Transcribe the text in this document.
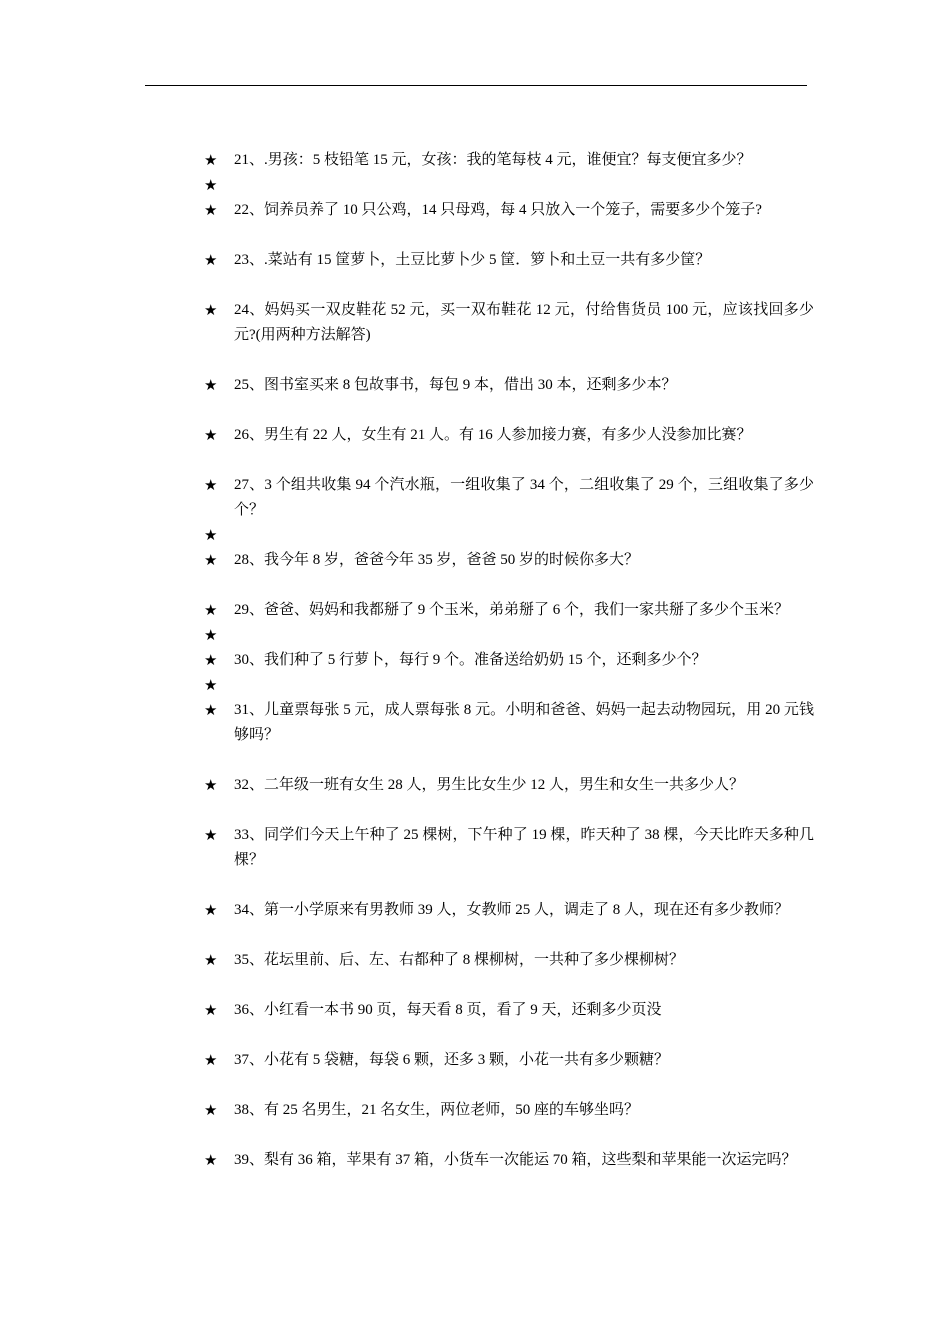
★	21、.男孩：5 枝铅笔 15 元，女孩：我的笔每枝 4 元，谁便宜？每支便宜多少？
★
★	22、饲养员养了 10 只公鸡，14 只母鸡，每 4 只放入一个笼子，需要多少个笼子?
★	23、.菜站有 15 筐萝卜，土豆比萝卜少 5 筐．箩卜和土豆一共有多少筐？
★	24、妈妈买一双皮鞋花 52 元，买一双布鞋花 12 元，付给售货员 100 元，应该找回多少元?(用两种方法解答)
★	25、图书室买来 8 包故事书，每包 9 本，借出 30 本，还剩多少本？
★	26、男生有 22 人，女生有 21 人。有 16 人参加接力赛，有多少人没参加比赛？
★	27、3 个组共收集 94 个汽水瓶，一组收集了 34 个，二组收集了 29 个，三组收集了多少个？
★
★	28、我今年 8 岁，爸爸今年 35 岁，爸爸 50 岁的时候你多大？
★	29、爸爸、妈妈和我都掰了 9 个玉米，弟弟掰了 6 个，我们一家共掰了多少个玉米？
★
★	30、我们种了 5 行萝卜，每行 9 个。准备送给奶奶 15 个，还剩多少个？
★
★	31、儿童票每张 5 元，成人票每张 8 元。小明和爸爸、妈妈一起去动物园玩，用 20 元钱够吗？
★	32、二年级一班有女生 28 人，男生比女生少 12 人，男生和女生一共多少人？
★	33、同学们今天上午种了 25 棵树，下午种了 19 棵，昨天种了 38 棵，今天比昨天多种几棵？
★	34、第一小学原来有男教师 39 人，女教师 25 人，调走了 8 人，现在还有多少教师？
★	35、花坛里前、后、左、右都种了 8 棵柳树，一共种了多少棵柳树？
★	36、小红看一本书 90 页，每天看 8 页，看了 9 天，还剩多少页没
★	37、小花有 5 袋糖，每袋 6 颗，还多 3 颗，小花一共有多少颗糖？
★	38、有 25 名男生，21 名女生，两位老师，50 座的车够坐吗？
★	39、梨有 36 箱，苹果有 37 箱，小货车一次能运 70 箱，这些梨和苹果能一次运完吗？
